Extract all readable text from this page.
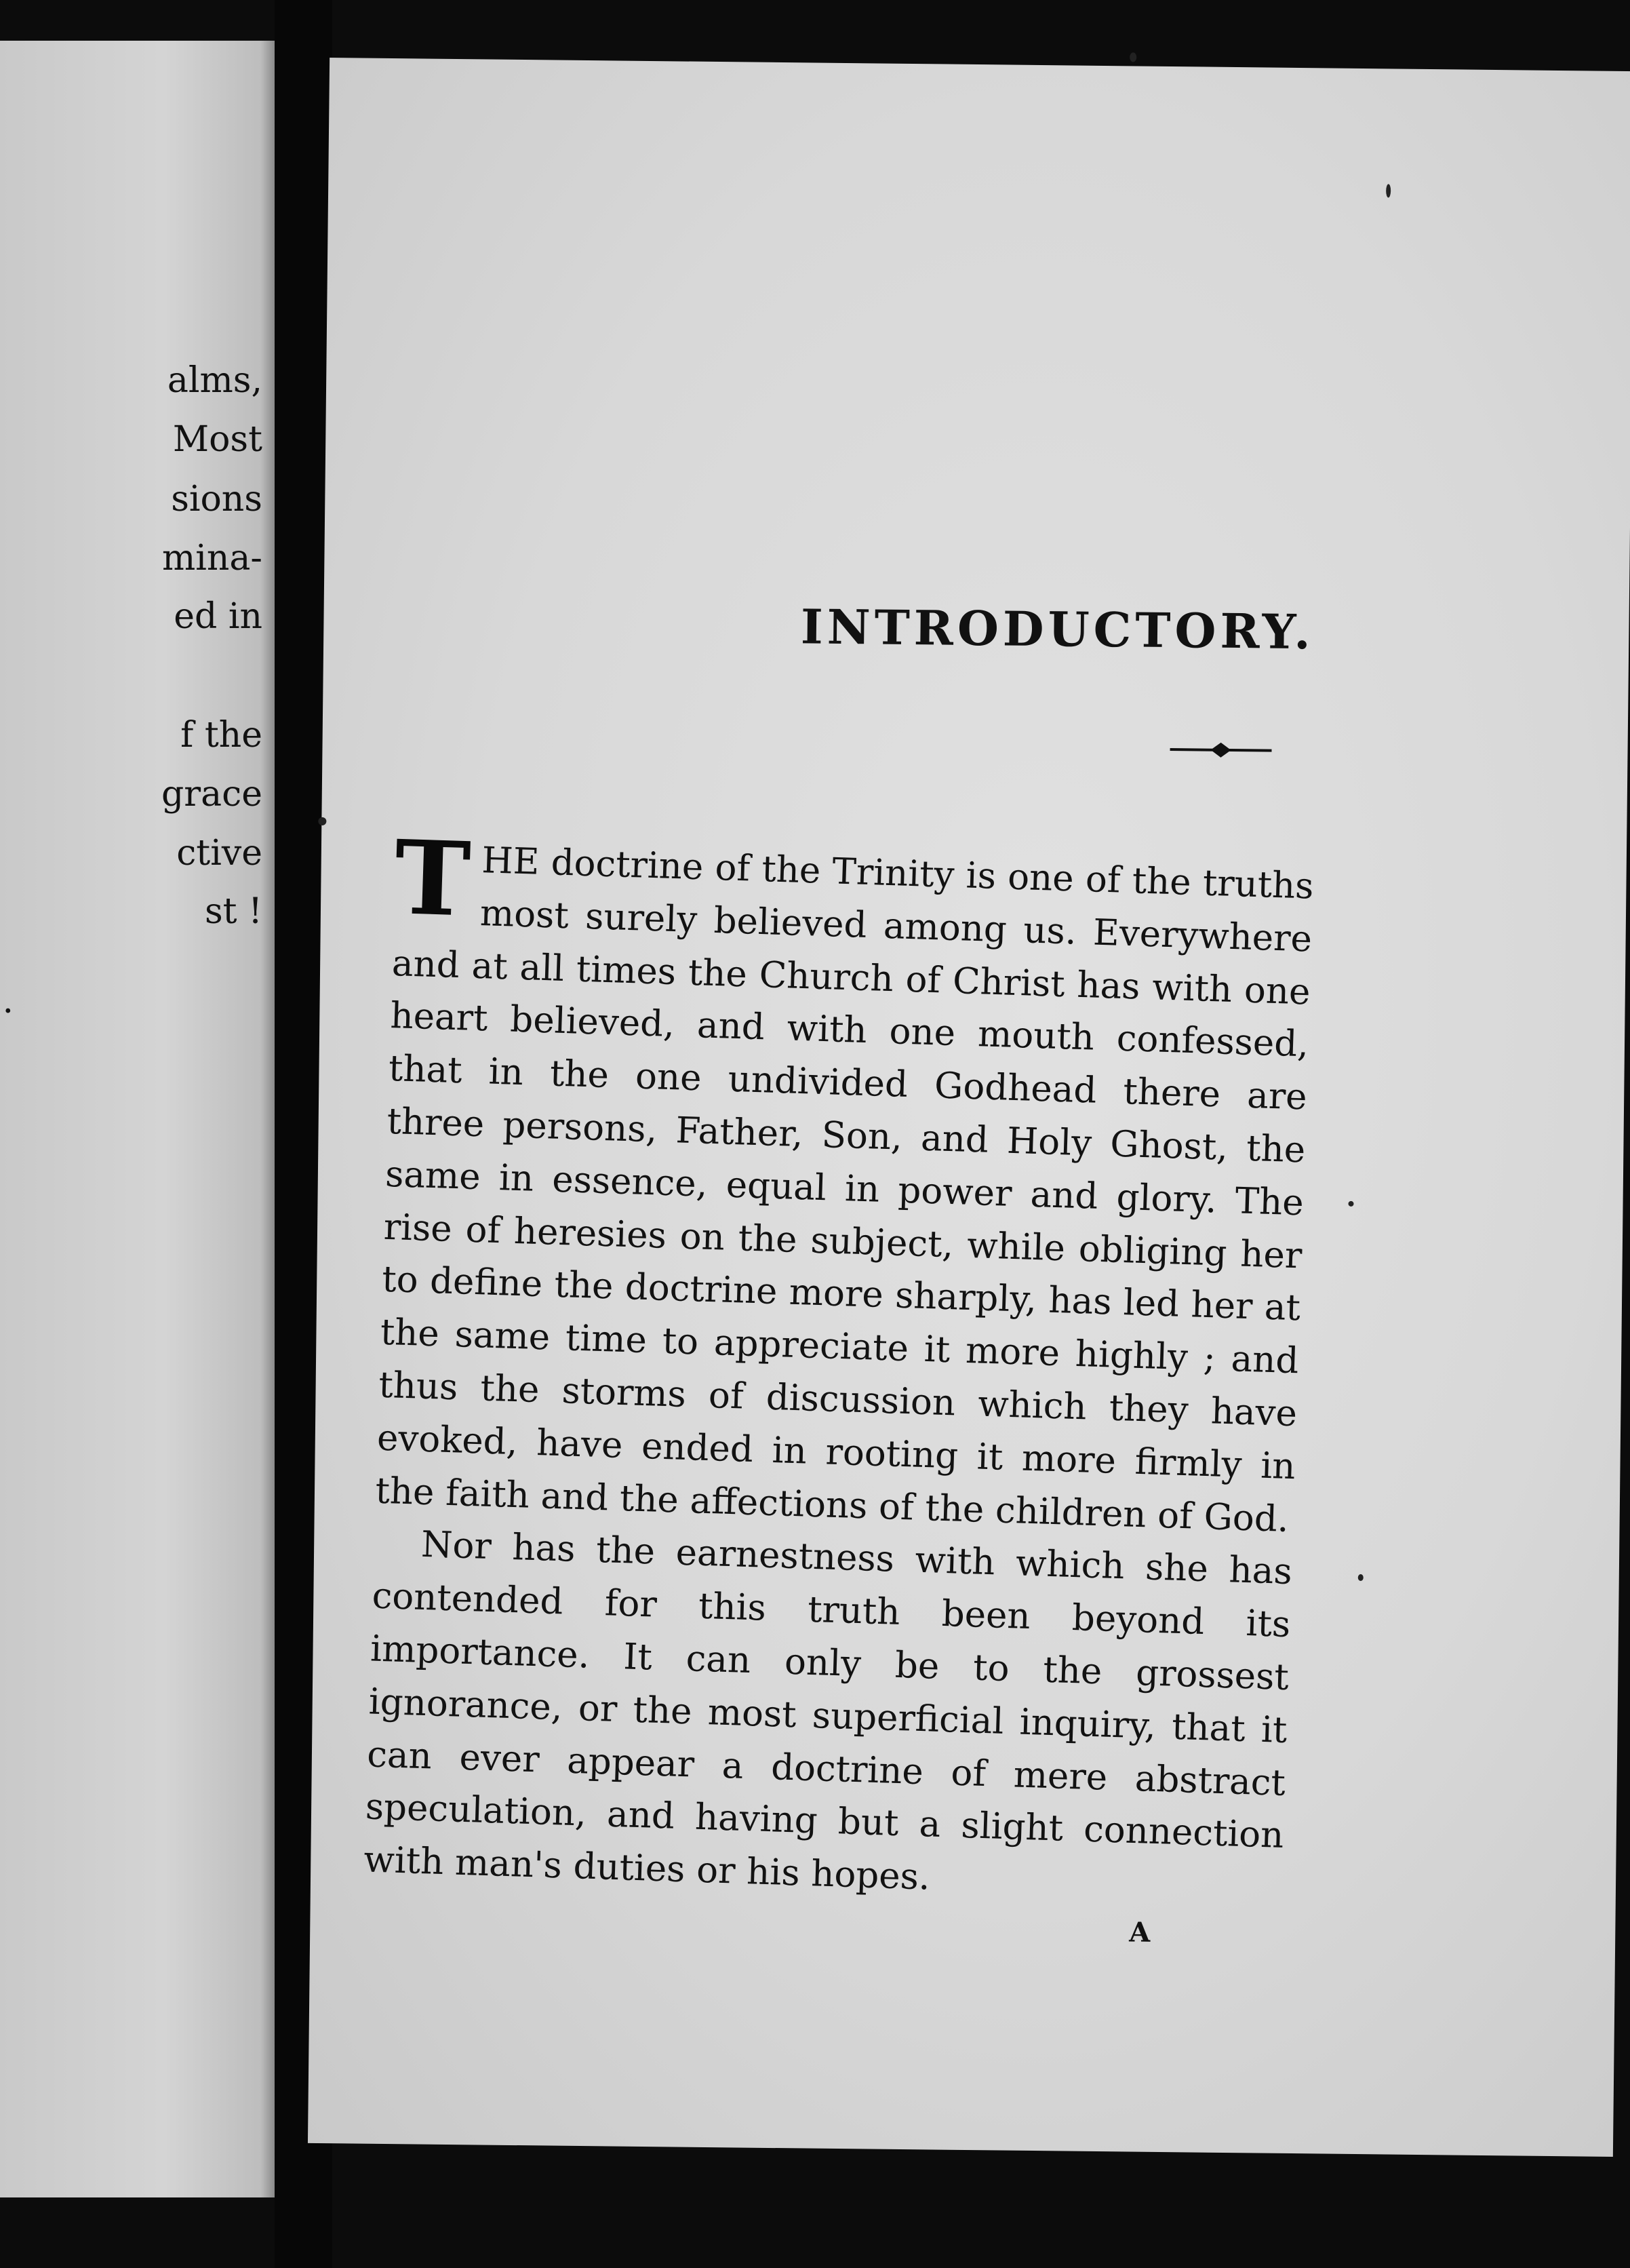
alms,
Most
sions
mina-
ed in
f the
grace
ctive
st !
.
INTRODUCTORY.

THE doctrine of the Trinity is one of the truths most surely believed among us. Everywhere and at all times the Church of Christ has with one heart believed, and with one mouth confessed, that in the one undivided Godhead there are three persons, Father, Son, and Holy Ghost, the same in essence, equal in power and glory. The rise of heresies on the subject, while obliging her to define the doctrine more sharply, has led her at the same time to appreciate it more highly ; and thus the storms of discussion which they have evoked, have ended in rooting it more firmly in the faith and the affections of the children of God.

Nor has the earnestness with which she has contended for this truth been beyond its importance. It can only be to the grossest ignorance, or the most superficial inquiry, that it can ever appear a doctrine of mere abstract speculation, and having but a slight connection with man's duties or his hopes.

A
